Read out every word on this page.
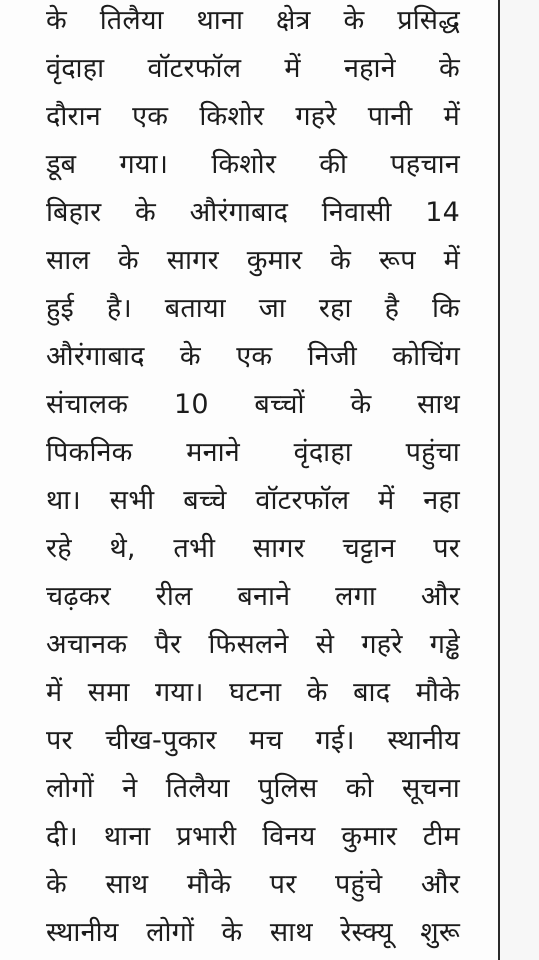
के तिलैया थाना क्षेत्र के प्रसिद्ध
वृंदाहा वॉटरफॉल में नहाने के
दौरान एक किशोर गहरे पानी में
डूब गया। किशोर की पहचान
बिहार के औरंगाबाद निवासी 14
साल के सागर कुमार के रूप में
हुई है। बताया जा रहा है कि
औरंगाबाद के एक निजी कोचिंग
संचालक 10 बच्चों के साथ
पिकनिक मनाने वृंदाहा पहुंचा
था। सभी बच्चे वॉटरफॉल में नहा
रहे थे, तभी सागर चट्टान पर
चढ़कर रील बनाने लगा और
अचानक पैर फिसलने से गहरे गड्ढे
में समा गया। घटना के बाद मौके
पर चीख-पुकार मच गई। स्थानीय
लोगों ने तिलैया पुलिस को सूचना
दी। थाना प्रभारी विनय कुमार टीम
के साथ मौके पर पहुंचे और
स्थानीय लोगों के साथ रेस्क्यू शुरू
